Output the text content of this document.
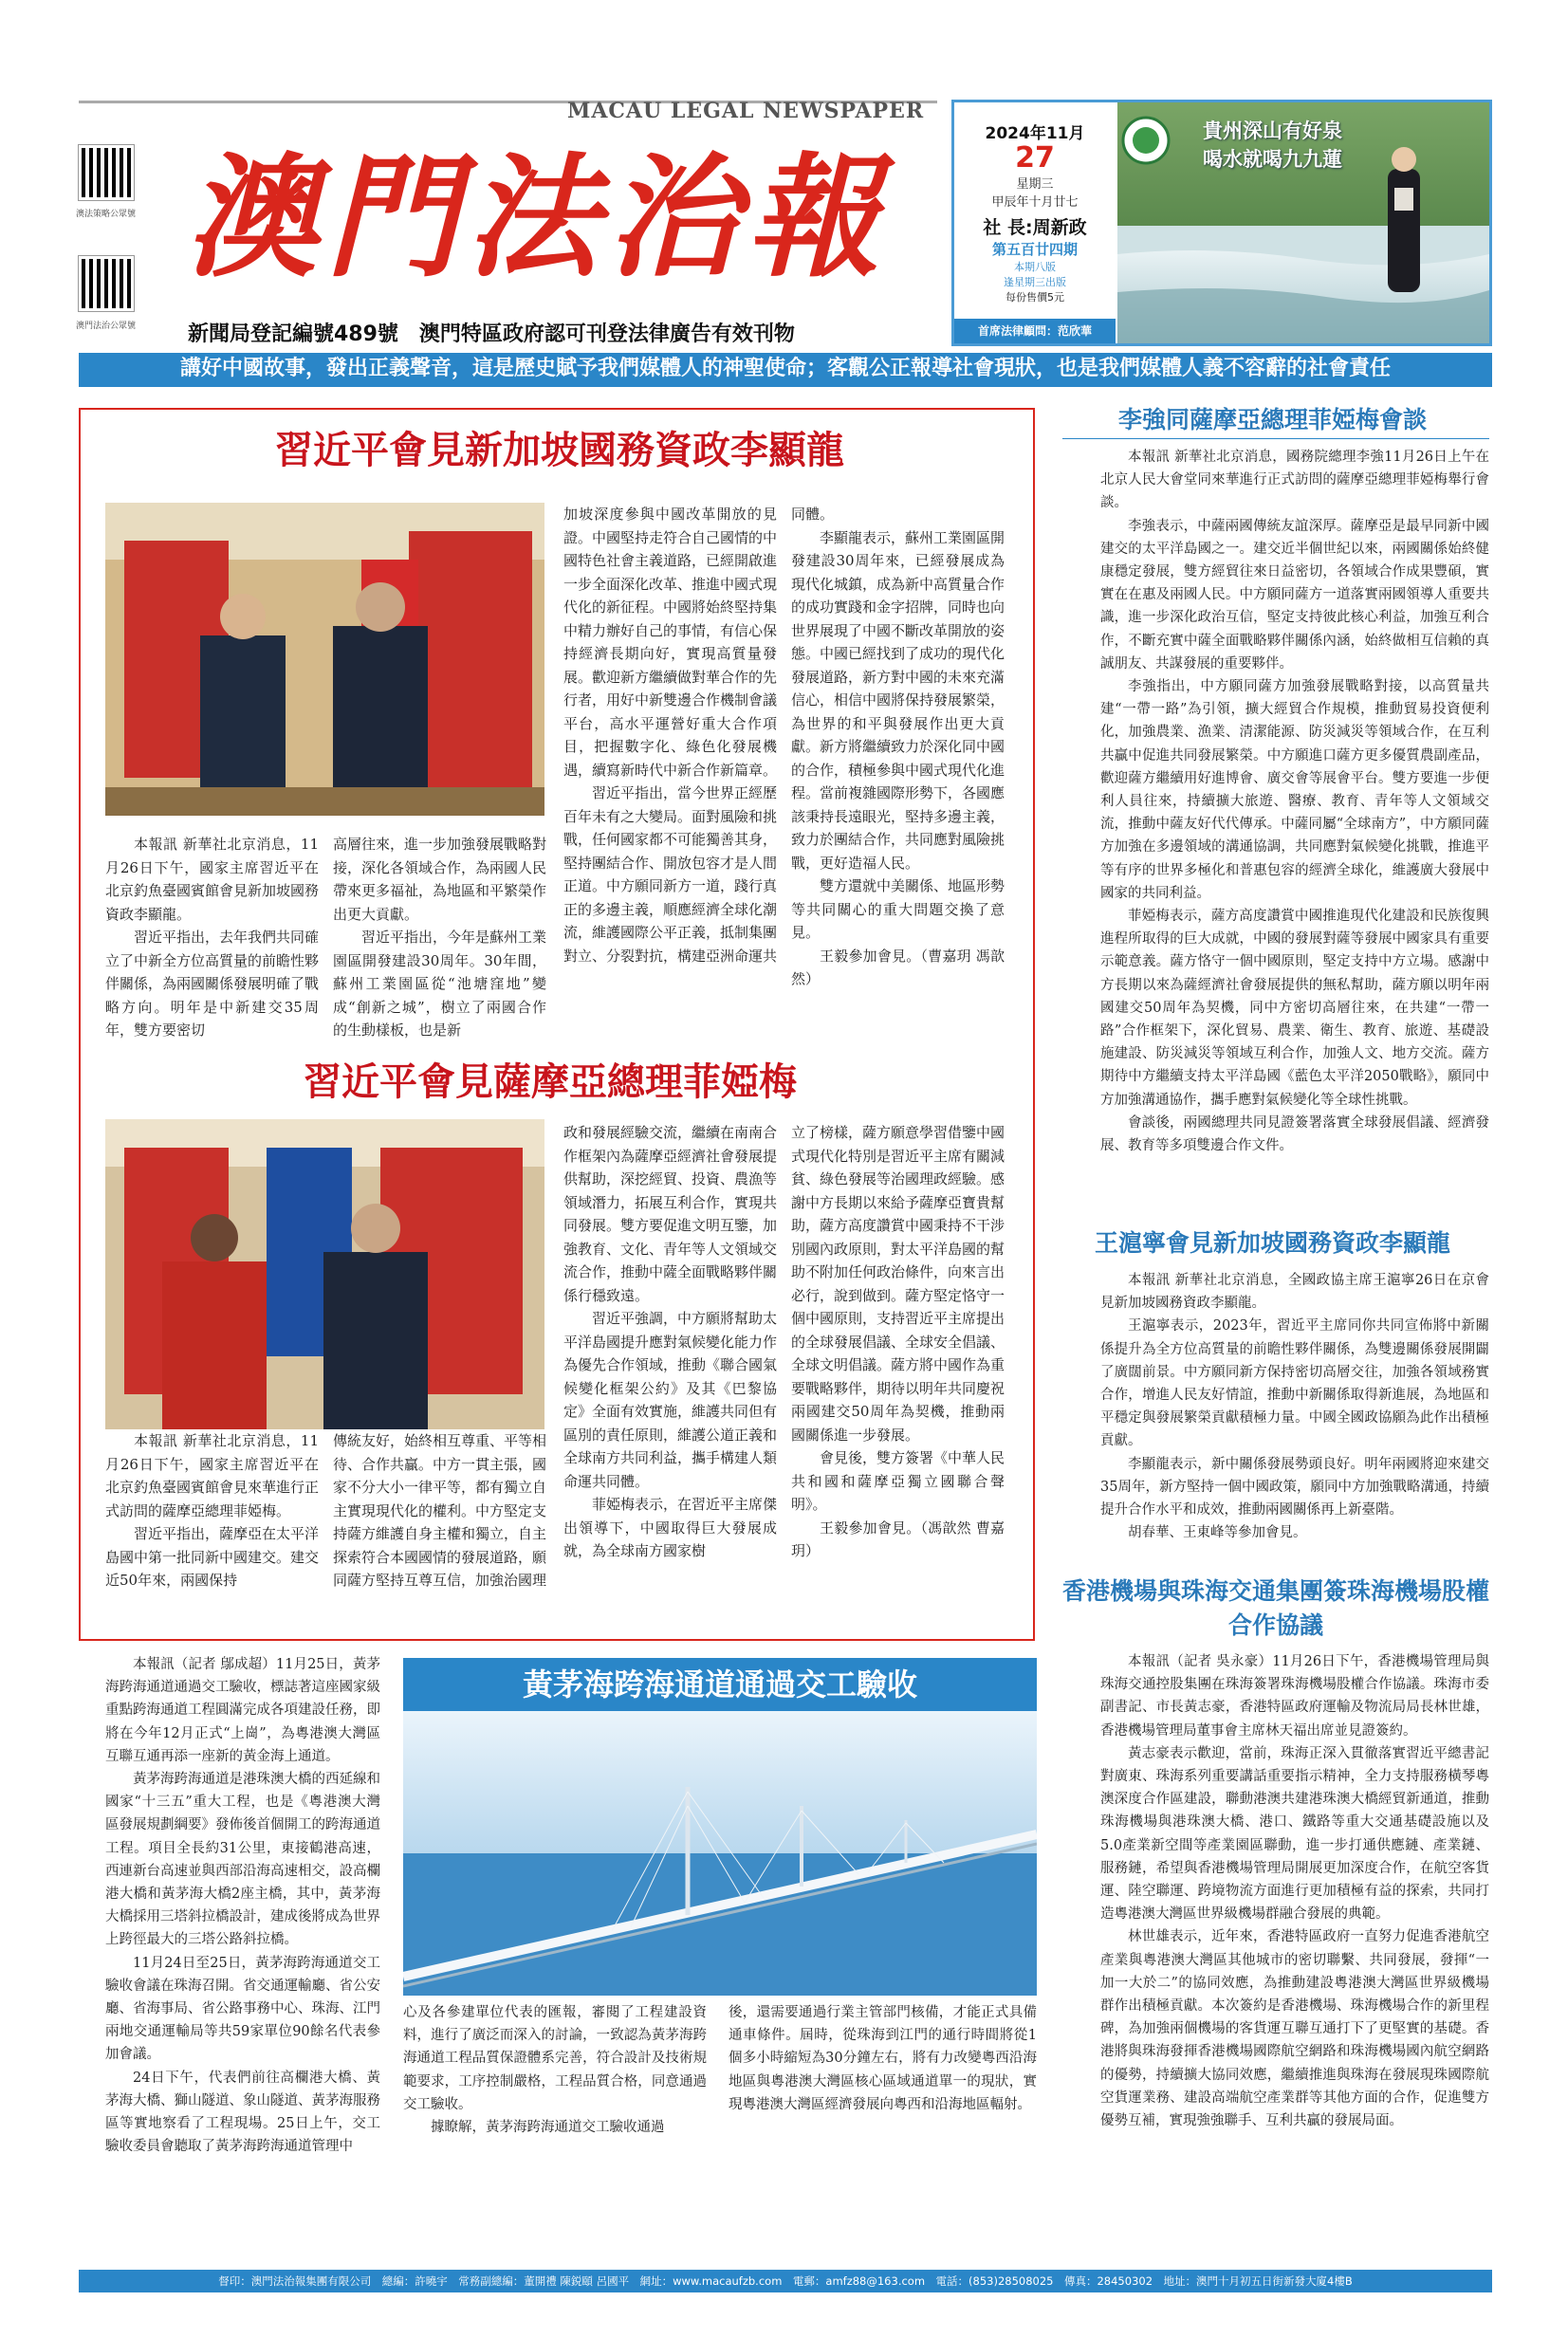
澳法策略公眾號
澳門法治公眾號
MACAU LEGAL NEWSPAPER
澳門法治報
新聞局登記編號489號　澳門特區政府認可刊登法律廣告有效刊物
2024年11月
27
星期三
甲辰年十月廿七
社 長:周新政
第五百廿四期
本期八版
逢星期三出版
每份售價5元
首席法律顧問：范欣華
貴州深山有好泉
喝水就喝九九蓮
講好中國故事，發出正義聲音，這是歷史賦予我們媒體人的神聖使命；客觀公正報導社會現狀，也是我們媒體人義不容辭的社會責任
習近平會見新加坡國務資政李顯龍

本報訊 新華社北京消息，11月26日下午，國家主席習近平在北京釣魚臺國賓館會見新加坡國務資政李顯龍。

習近平指出，去年我們共同確立了中新全方位高質量的前瞻性夥伴關係，為兩國關係發展明確了戰略方向。明年是中新建交35周年，雙方要密切

高層往來，進一步加強發展戰略對接，深化各領域合作，為兩國人民帶來更多福祉，為地區和平繁榮作出更大貢獻。

習近平指出，今年是蘇州工業園區開發建設30周年。30年間，蘇州工業園區從“池塘窪地”變成“創新之城”，樹立了兩國合作的生動樣板，也是新

加坡深度參與中國改革開放的見證。中國堅持走符合自己國情的中國特色社會主義道路，已經開啟進一步全面深化改革、推進中國式現代化的新征程。中國將始終堅持集中精力辦好自己的事情，有信心保持經濟長期向好，實現高質量發展。歡迎新方繼續做對華合作的先行者，用好中新雙邊合作機制會議平台，高水平運營好重大合作項目，把握數字化、綠色化發展機遇，續寫新時代中新合作新篇章。

習近平指出，當今世界正經歷百年未有之大變局。面對風險和挑戰，任何國家都不可能獨善其身，堅持團結合作、開放包容才是人間正道。中方願同新方一道，踐行真正的多邊主義，順應經濟全球化潮流，維護國際公平正義，抵制集團對立、分裂對抗，構建亞洲命運共

同體。

李顯龍表示，蘇州工業園區開發建設30周年來，已經發展成為現代化城鎮，成為新中高質量合作的成功實踐和金字招牌，同時也向世界展現了中國不斷改革開放的姿態。中國已經找到了成功的現代化發展道路，新方對中國的未來充滿信心，相信中國將保持發展繁榮，為世界的和平與發展作出更大貢獻。新方將繼續致力於深化同中國的合作，積極參與中國式現代化進程。當前複雜國際形勢下，各國應該秉持長遠眼光，堅持多邊主義，致力於團結合作，共同應對風險挑戰，更好造福人民。

雙方還就中美關係、地區形勢等共同關心的重大問題交換了意見。

王毅參加會見。（曹嘉玥 馮歆然）

習近平會見薩摩亞總理菲婭梅

本報訊 新華社北京消息，11月26日下午，國家主席習近平在北京釣魚臺國賓館會見來華進行正式訪問的薩摩亞總理菲婭梅。

習近平指出，薩摩亞在太平洋島國中第一批同新中國建交。建交近50年來，兩國保持

傳統友好，始終相互尊重、平等相待、合作共贏。中方一貫主張，國家不分大小一律平等，都有獨立自主實現現代化的權利。中方堅定支持薩方維護自身主權和獨立，自主探索符合本國國情的發展道路，願同薩方堅持互尊互信，加強治國理

政和發展經驗交流，繼續在南南合作框架內為薩摩亞經濟社會發展提供幫助，深挖經貿、投資、農漁等領域潛力，拓展互利合作，實現共同發展。雙方要促進文明互鑒，加強教育、文化、青年等人文領域交流合作，推動中薩全面戰略夥伴關係行穩致遠。

習近平強調，中方願將幫助太平洋島國提升應對氣候變化能力作為優先合作領域，推動《聯合國氣候變化框架公約》及其《巴黎協定》全面有效實施，維護共同但有區別的責任原則，維護公道正義和全球南方共同利益，攜手構建人類命運共同體。

菲婭梅表示，在習近平主席傑出領導下，中國取得巨大發展成就，為全球南方國家樹

立了榜樣，薩方願意學習借鑒中國式現代化特別是習近平主席有關減貧、綠色發展等治國理政經驗。感謝中方長期以來給予薩摩亞寶貴幫助，薩方高度讚賞中國秉持不干涉別國內政原則，對太平洋島國的幫助不附加任何政治條件，向來言出必行，說到做到。薩方堅定恪守一個中國原則，支持習近平主席提出的全球發展倡議、全球安全倡議、全球文明倡議。薩方將中國作為重要戰略夥伴，期待以明年共同慶祝兩國建交50周年為契機，推動兩國關係進一步發展。

會見後，雙方簽署《中華人民共和國和薩摩亞獨立國聯合聲明》。

王毅參加會見。（馮歆然 曹嘉玥）

李強同薩摩亞總理菲婭梅會談

本報訊 新華社北京消息，國務院總理李強11月26日上午在北京人民大會堂同來華進行正式訪問的薩摩亞總理菲婭梅舉行會談。

李強表示，中薩兩國傳統友誼深厚。薩摩亞是最早同新中國建交的太平洋島國之一。建交近半個世紀以來，兩國關係始終健康穩定發展，雙方經貿往來日益密切，各領域合作成果豐碩，實實在在惠及兩國人民。中方願同薩方一道落實兩國領導人重要共識，進一步深化政治互信，堅定支持彼此核心利益，加強互利合作，不斷充實中薩全面戰略夥伴關係內涵，始終做相互信賴的真誠朋友、共謀發展的重要夥伴。

李強指出，中方願同薩方加強發展戰略對接，以高質量共建“一帶一路”為引領，擴大經貿合作規模，推動貿易投資便利化，加強農業、漁業、清潔能源、防災減災等領域合作，在互利共贏中促進共同發展繁榮。中方願進口薩方更多優質農副產品，歡迎薩方繼續用好進博會、廣交會等展會平台。雙方要進一步便利人員往來，持續擴大旅遊、醫療、教育、青年等人文領域交流，推動中薩友好代代傳承。中薩同屬“全球南方”，中方願同薩方加強在多邊領域的溝通協調，共同應對氣候變化挑戰，推進平等有序的世界多極化和普惠包容的經濟全球化，維護廣大發展中國家的共同利益。

菲婭梅表示，薩方高度讚賞中國推進現代化建設和民族復興進程所取得的巨大成就，中國的發展對薩等發展中國家具有重要示範意義。薩方恪守一個中國原則，堅定支持中方立場。感謝中方長期以來為薩經濟社會發展提供的無私幫助，薩方願以明年兩國建交50周年為契機，同中方密切高層往來，在共建“一帶一路”合作框架下，深化貿易、農業、衛生、教育、旅遊、基礎設施建設、防災減災等領域互利合作，加強人文、地方交流。薩方期待中方繼續支持太平洋島國《藍色太平洋2050戰略》，願同中方加強溝通協作，攜手應對氣候變化等全球性挑戰。

會談後，兩國總理共同見證簽署落實全球發展倡議、經濟發展、教育等多項雙邊合作文件。

王滬寧會見新加坡國務資政李顯龍

本報訊 新華社北京消息，全國政協主席王滬寧26日在京會見新加坡國務資政李顯龍。

王滬寧表示，2023年，習近平主席同你共同宣佈將中新關係提升為全方位高質量的前瞻性夥伴關係，為雙邊關係發展開闢了廣闊前景。中方願同新方保持密切高層交往，加強各領域務實合作，增進人民友好情誼，推動中新關係取得新進展，為地區和平穩定與發展繁榮貢獻積極力量。中國全國政協願為此作出積極貢獻。

李顯龍表示，新中關係發展勢頭良好。明年兩國將迎來建交35周年，新方堅持一個中國政策，願同中方加強戰略溝通，持續提升合作水平和成效，推動兩國關係再上新臺階。

胡春華、王東峰等參加會見。

香港機場與珠海交通集團簽珠海機場股權合作協議

本報訊（記者 吳永豪）11月26日下午，香港機場管理局與珠海交通控股集團在珠海簽署珠海機場股權合作協議。珠海市委副書記、市長黃志豪，香港特區政府運輸及物流局局長林世雄，香港機場管理局董事會主席林天福出席並見證簽約。

黃志豪表示歡迎，當前，珠海正深入貫徹落實習近平總書記對廣東、珠海系列重要講話重要指示精神，全力支持服務橫琴粵澳深度合作區建設，聯動港澳共建港珠澳大橋經貿新通道，推動珠海機場與港珠澳大橋、港口、鐵路等重大交通基礎設施以及5.0產業新空間等產業園區聯動，進一步打通供應鏈、產業鏈、服務鏈，希望與香港機場管理局開展更加深度合作，在航空客貨運、陸空聯運、跨境物流方面進行更加積極有益的探索，共同打造粵港澳大灣區世界級機場群融合發展的典範。

林世雄表示，近年來，香港特區政府一直努力促進香港航空產業與粵港澳大灣區其他城市的密切聯繫、共同發展，發揮“一加一大於二”的協同效應，為推動建設粵港澳大灣區世界級機場群作出積極貢獻。本次簽約是香港機場、珠海機場合作的新里程碑，為加強兩個機場的客貨運互聯互通打下了更堅實的基礎。香港將與珠海發揮香港機場國際航空網路和珠海機場國內航空網路的優勢，持續擴大協同效應，繼續推進與珠海在發展現珠國際航空貨運業務、建設高端航空產業群等其他方面的合作，促進雙方優勢互補，實現強強聯手、互利共贏的發展局面。

本報訊（記者 鄔成超）11月25日，黃茅海跨海通道通過交工驗收，標誌著這座國家級重點跨海通道工程圓滿完成各項建設任務，即將在今年12月正式“上崗”，為粵港澳大灣區互聯互通再添一座新的黃金海上通道。

黃茅海跨海通道是港珠澳大橋的西延線和國家“十三五”重大工程，也是《粵港澳大灣區發展規劃綱要》發佈後首個開工的跨海通道工程。項目全長約31公里，東接鶴港高速，西連新台高速並與西部沿海高速相交，設高欄港大橋和黃茅海大橋2座主橋，其中，黃茅海大橋採用三塔斜拉橋設計，建成後將成為世界上跨徑最大的三塔公路斜拉橋。

11月24日至25日，黃茅海跨海通道交工驗收會議在珠海召開。省交通運輸廳、省公安廳、省海事局、省公路事務中心、珠海、江門兩地交通運輸局等共59家單位90餘名代表參加會議。

24日下午，代表們前往高欄港大橋、黃茅海大橋、獅山隧道、象山隧道、黃茅海服務區等實地察看了工程現場。25日上午，交工驗收委員會聽取了黃茅海跨海通道管理中

黃茅海跨海通道通過交工驗收

心及各參建單位代表的匯報，審閱了工程建設資料，進行了廣泛而深入的討論，一致認為黃茅海跨海通道工程品質保證體系完善，符合設計及技術規範要求，工序控制嚴格，工程品質合格，同意通過交工驗收。

據瞭解，黃茅海跨海通道交工驗收通過

後，還需要通過行業主管部門核備，才能正式具備通車條件。屆時，從珠海到江門的通行時間將從1個多小時縮短為30分鐘左右，將有力改變粵西沿海地區與粵港澳大灣區核心區域通道單一的現狀，實現粵港澳大灣區經濟發展向粵西和沿海地區輻射。

督印：澳門法治報集團有限公司　總編：許曉宇　常務副總編：董開禮 陳鋭頤 呂國平　網址：www.macaufzb.com　電郵：amfz88@163.com　電話：(853)28508025　傳真：28450302　地址：澳門十月初五日街新發大廈4樓B
